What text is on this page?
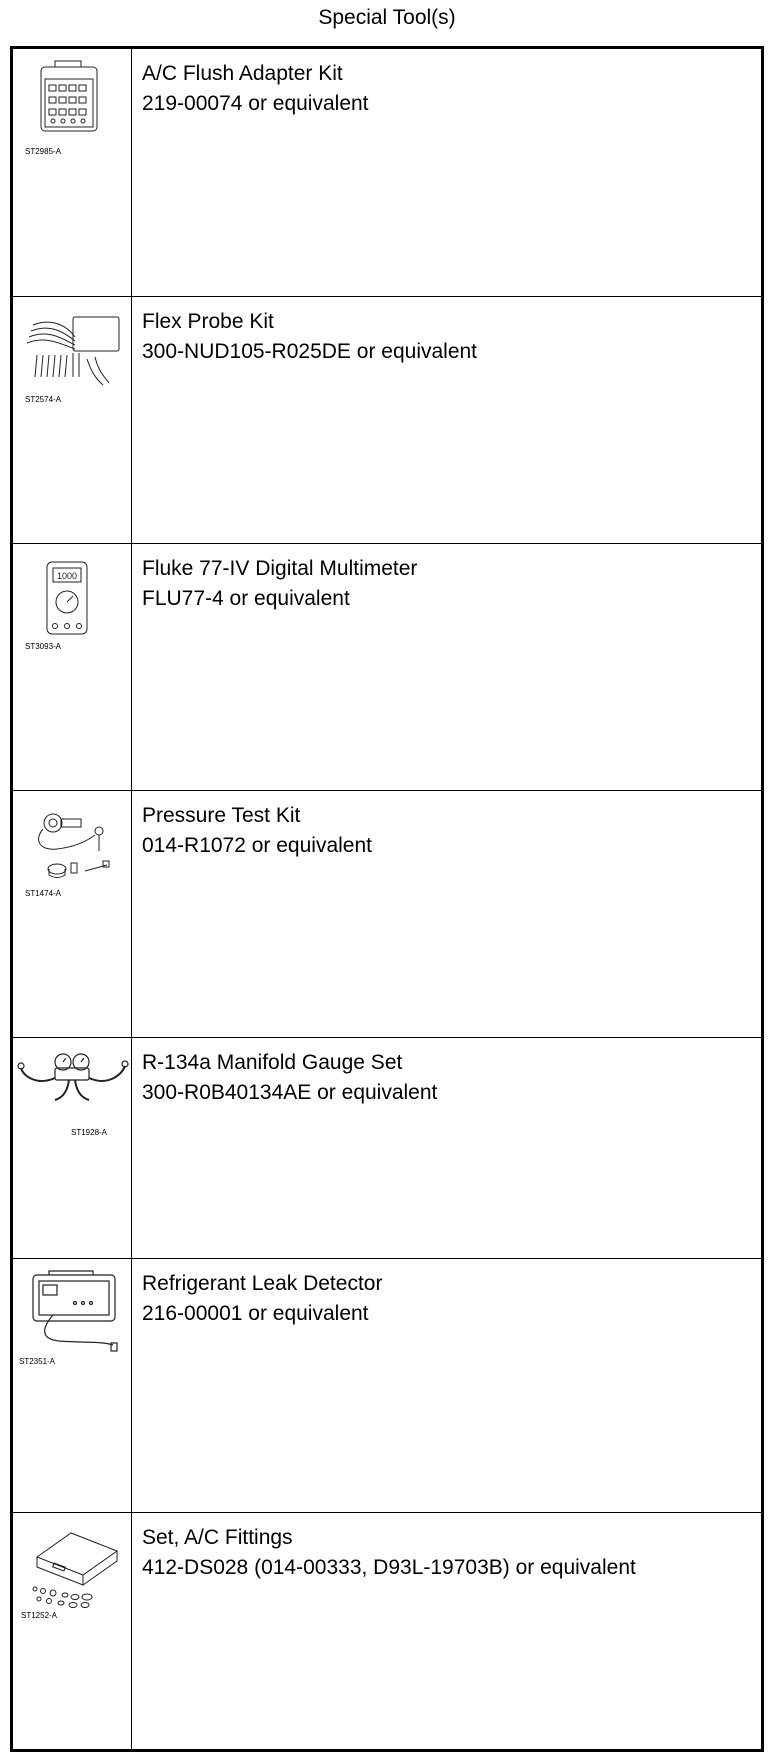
Special Tool(s)
ST2985-A
A/C Flush Adapter Kit
219-00074 or equivalent
ST2574-A
Flex Probe Kit
300-NUD105-R025DE or equivalent
1000
ST3093-A
Fluke 77-IV Digital Multimeter
FLU77-4 or equivalent
ST1474-A
Pressure Test Kit
014-R1072 or equivalent
ST1928-A
R-134a Manifold Gauge Set
300-R0B40134AE or equivalent
ST2351-A
Refrigerant Leak Detector
216-00001 or equivalent
ST1252-A
Set, A/C Fittings
412-DS028 (014-00333, D93L-19703B) or equivalent
